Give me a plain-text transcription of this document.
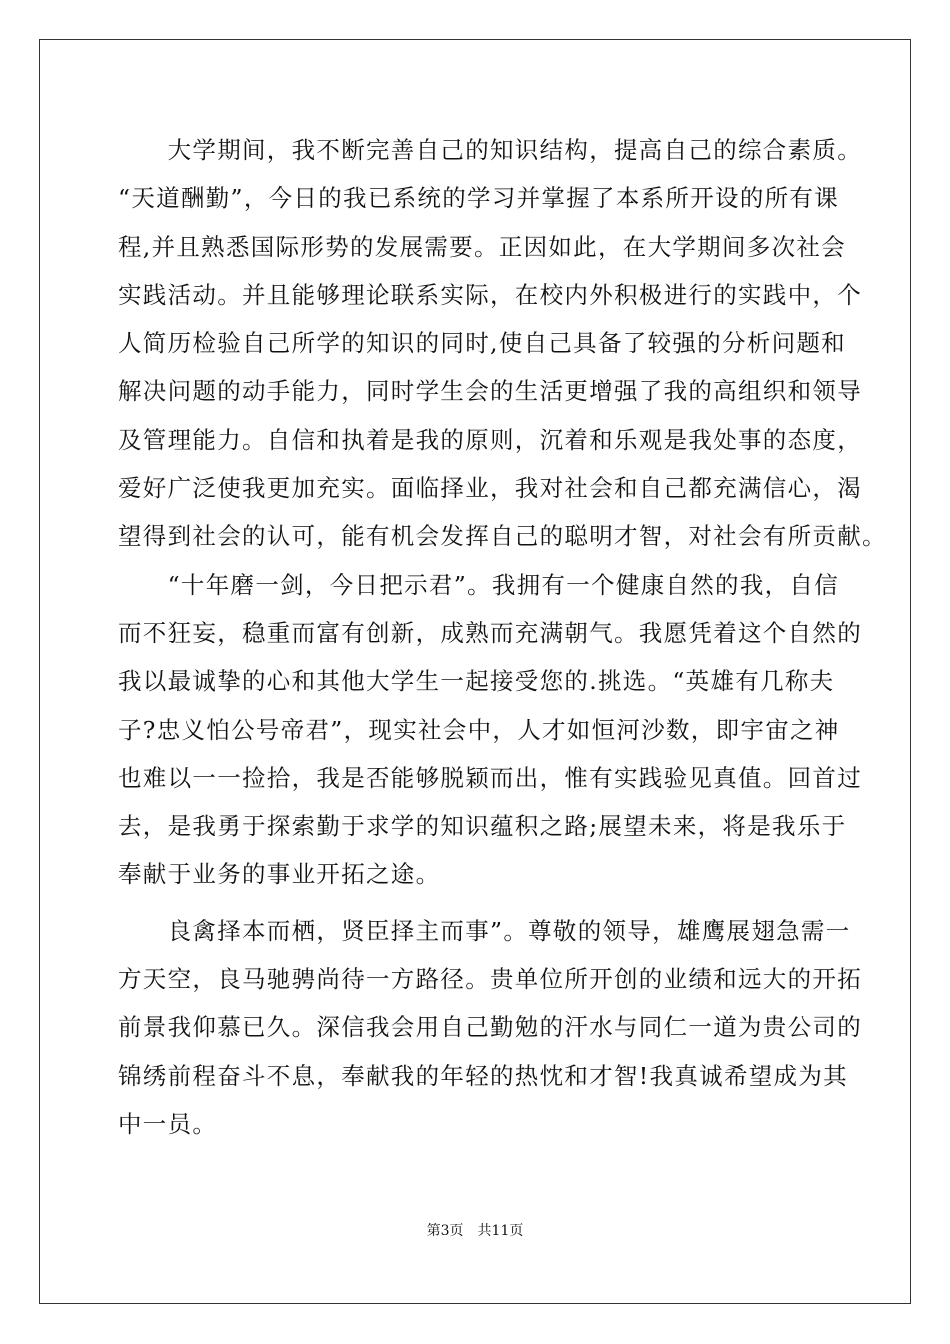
　　大学期间，我不断完善自己的知识结构，提高自己的综合素质。
“天道酬勤”，今日的我已系统的学习并掌握了本系所开设的所有课
程,并且熟悉国际形势的发展需要。正因如此，在大学期间多次社会
实践活动。并且能够理论联系实际，在校内外积极进行的实践中，个
人简历检验自己所学的知识的同时,使自己具备了较强的分析问题和
解决问题的动手能力，同时学生会的生活更增强了我的高组织和领导
及管理能力。自信和执着是我的原则，沉着和乐观是我处事的态度，
爱好广泛使我更加充实。面临择业，我对社会和自己都充满信心，渴
望得到社会的认可，能有机会发挥自己的聪明才智，对社会有所贡献。
　　“十年磨一剑，今日把示君”。我拥有一个健康自然的我，自信
而不狂妄，稳重而富有创新，成熟而充满朝气。我愿凭着这个自然的
我以最诚挚的心和其他大学生一起接受您的.挑选。“英雄有几称夫
子?忠义怕公号帝君”，现实社会中，人才如恒河沙数，即宇宙之神
也难以一一捡拾，我是否能够脱颖而出，惟有实践验见真值。回首过
去，是我勇于探索勤于求学的知识蕴积之路;展望未来，将是我乐于
奉献于业务的事业开拓之途。
　　良禽择本而栖，贤臣择主而事”。尊敬的领导，雄鹰展翅急需一
方天空，良马驰骋尚待一方路径。贵单位所开创的业绩和远大的开拓
前景我仰慕已久。深信我会用自己勤勉的汗水与同仁一道为贵公司的
锦绣前程奋斗不息，奉献我的年轻的热忱和才智!我真诚希望成为其
中一员。
第3页　共11页
